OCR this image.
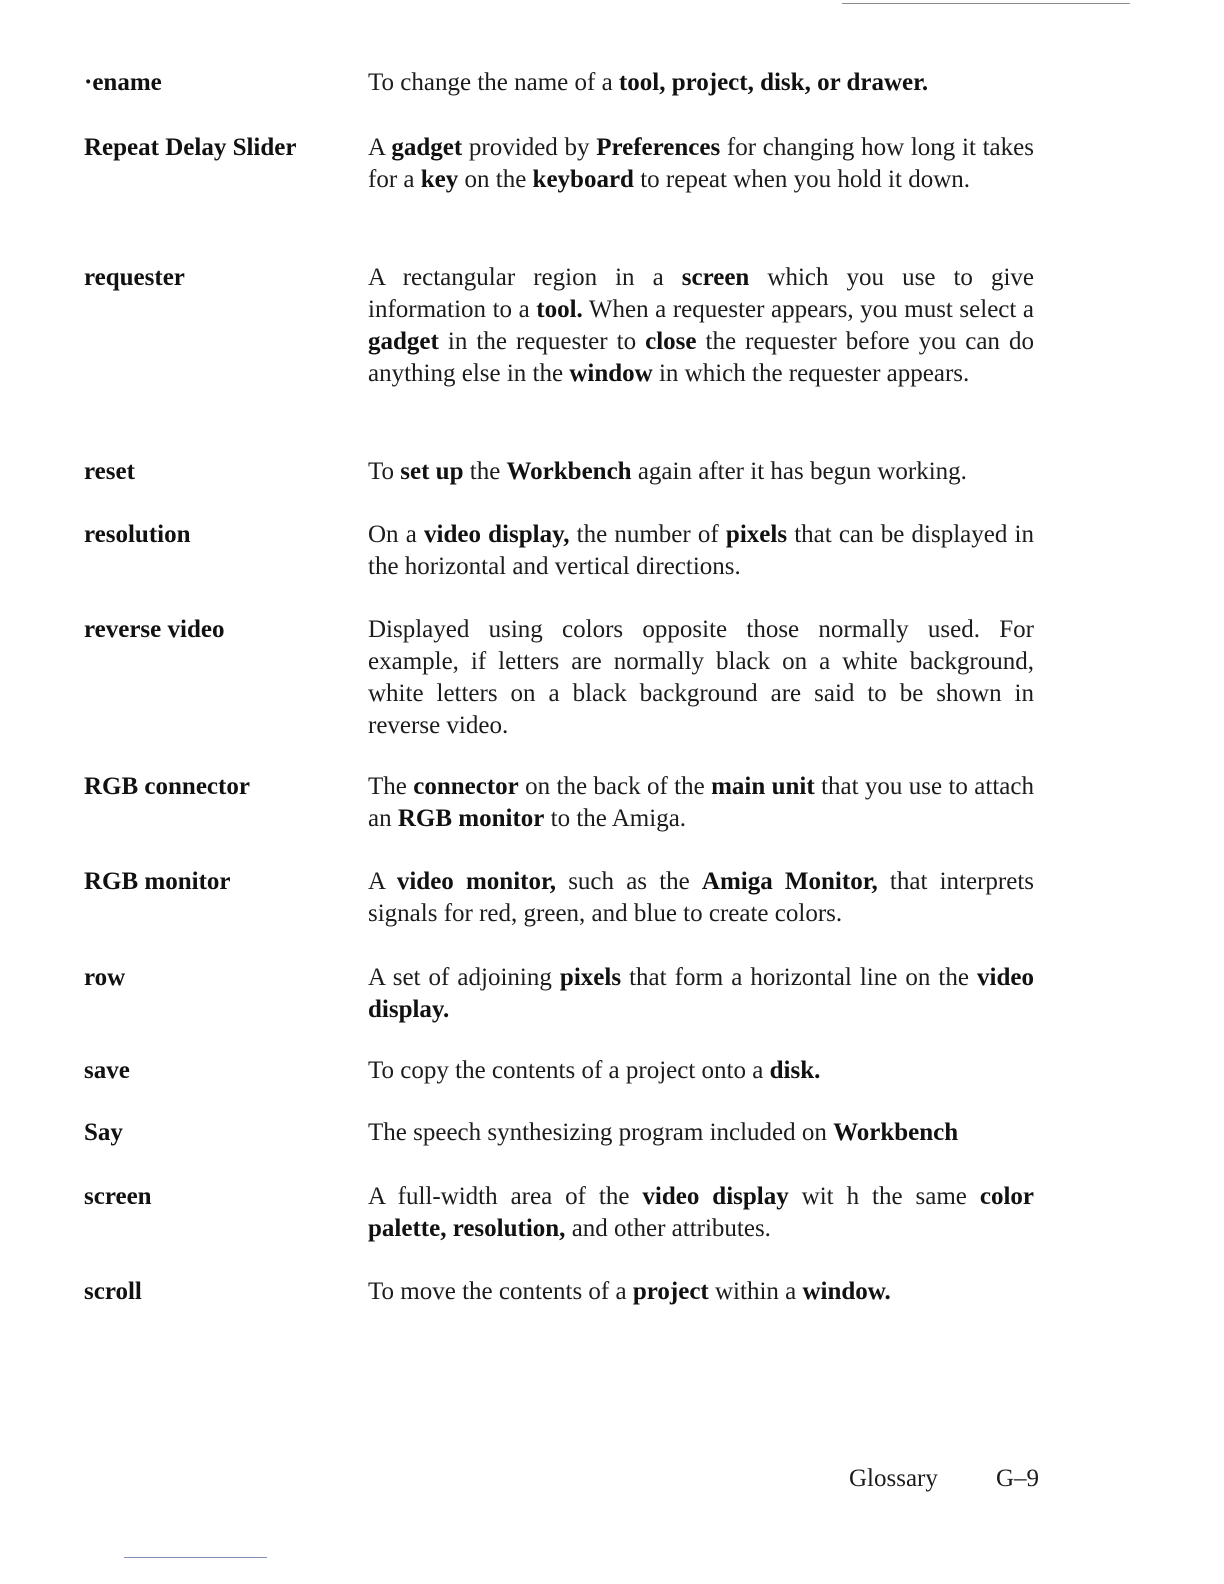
·ename	To change the name of a tool, project, disk, or drawer.
Repeat Delay Slider	A gadget provided by Preferences for changing how long it takes for a key on the keyboard to repeat when you hold it down.
requester	A rectangular region in a screen which you use to give information to a tool. When a requester appears, you must select a gadget in the requester to close the requester before you can do anything else in the window in which the requester appears.
reset	To set up the Workbench again after it has begun working.
resolution	On a video display, the number of pixels that can be displayed in the horizontal and vertical directions.
reverse video	Displayed using colors opposite those normally used. For example, if letters are normally black on a white background, white letters on a black background are said to be shown in reverse video.
RGB connector	The connector on the back of the main unit that you use to attach an RGB monitor to the Amiga.
RGB monitor	A video monitor, such as the Amiga Monitor, that interprets signals for red, green, and blue to create colors.
row	A set of adjoining pixels that form a horizontal line on the video display.
save	To copy the contents of a project onto a disk.
Say	The speech synthesizing program included on Workbench
screen	A full-width area of the video display wit h the same color palette, resolution, and other attributes.
scroll	To move the contents of a project within a window.
Glossary G–9
